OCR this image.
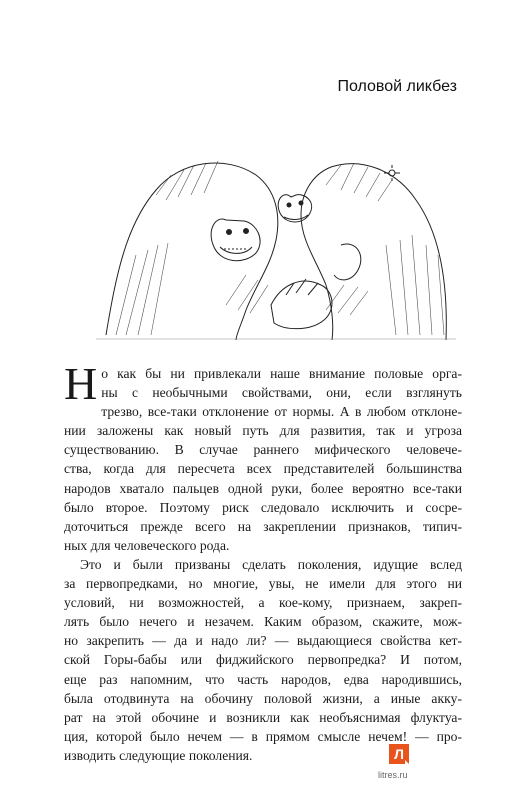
Половой ликбез
Н о как бы ни привлекали наше внимание половые орга-
ны с необычными свойствами, они, если взглянуть
трезво, все-таки отклонение от нормы. А в любом отклоне-
нии заложены как новый путь для развития, так и угроза
существованию. В случае раннего мифического человече-
ства, когда для пересчета всех представителей большинства
народов хватало пальцев одной руки, более вероятно все-таки
было второе. Поэтому риск следовало исключить и сосре-
доточиться прежде всего на закреплении признаков, типич-
ных для человеческого рода.
Это и были призваны сделать поколения, идущие вслед
за первопредками, но многие, увы, не имели для этого ни
условий, ни возможностей, а кое-кому, признаем, закреп-
лять было нечего и незачем. Каким образом, скажите, мож-
но закрепить — да и надо ли? — выдающиеся свойства кет-
ской Горы-бабы или фиджийского первопредка? И потом,
еще раз напомним, что часть народов, едва народившись,
была отодвинута на обочину половой жизни, а иные аккy-
рат на этой обочине и возникли как необъяснимая флуктуа-
ция, которой было нечем — в прямом смысле нечем! — про-
изводить следующие поколения.	Л
litres.ru
